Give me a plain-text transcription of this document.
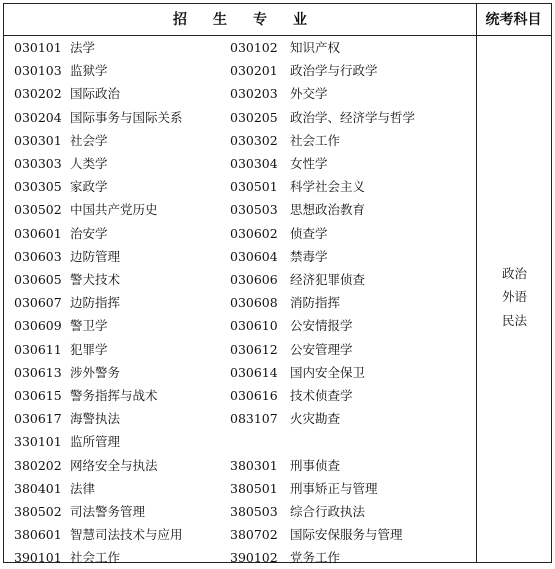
招生专业	统考科目
030101 法学	030102 知识产权
030103 监狱学	030201 政治学与行政学
030202 国际政治	030203 外交学
030204 国际事务与国际关系	030205 政治学、经济学与哲学
030301 社会学	030302 社会工作
030303 人类学	030304 女性学
030305 家政学	030501 科学社会主义
030502 中国共产党历史	030503 思想政治教育
030601 治安学	030602 侦查学
030603 边防管理	030604 禁毒学
030605 警犬技术	030606 经济犯罪侦查
030607 边防指挥	030608 消防指挥
030609 警卫学	030610 公安情报学
030611 犯罪学	030612 公安管理学
030613 涉外警务	030614 国内安全保卫
030615 警务指挥与战术	030616 技术侦查学
030617 海警执法	083107 火灾勘查
330101 监所管理
380202 网络安全与执法	380301 刑事侦查
380401 法律	380501 刑事矫正与管理
380502 司法警务管理	380503 综合行政执法
380601 智慧司法技术与应用	380702 国际安保服务与管理
390101 社会工作	390102 党务工作
政治
外语
民法
